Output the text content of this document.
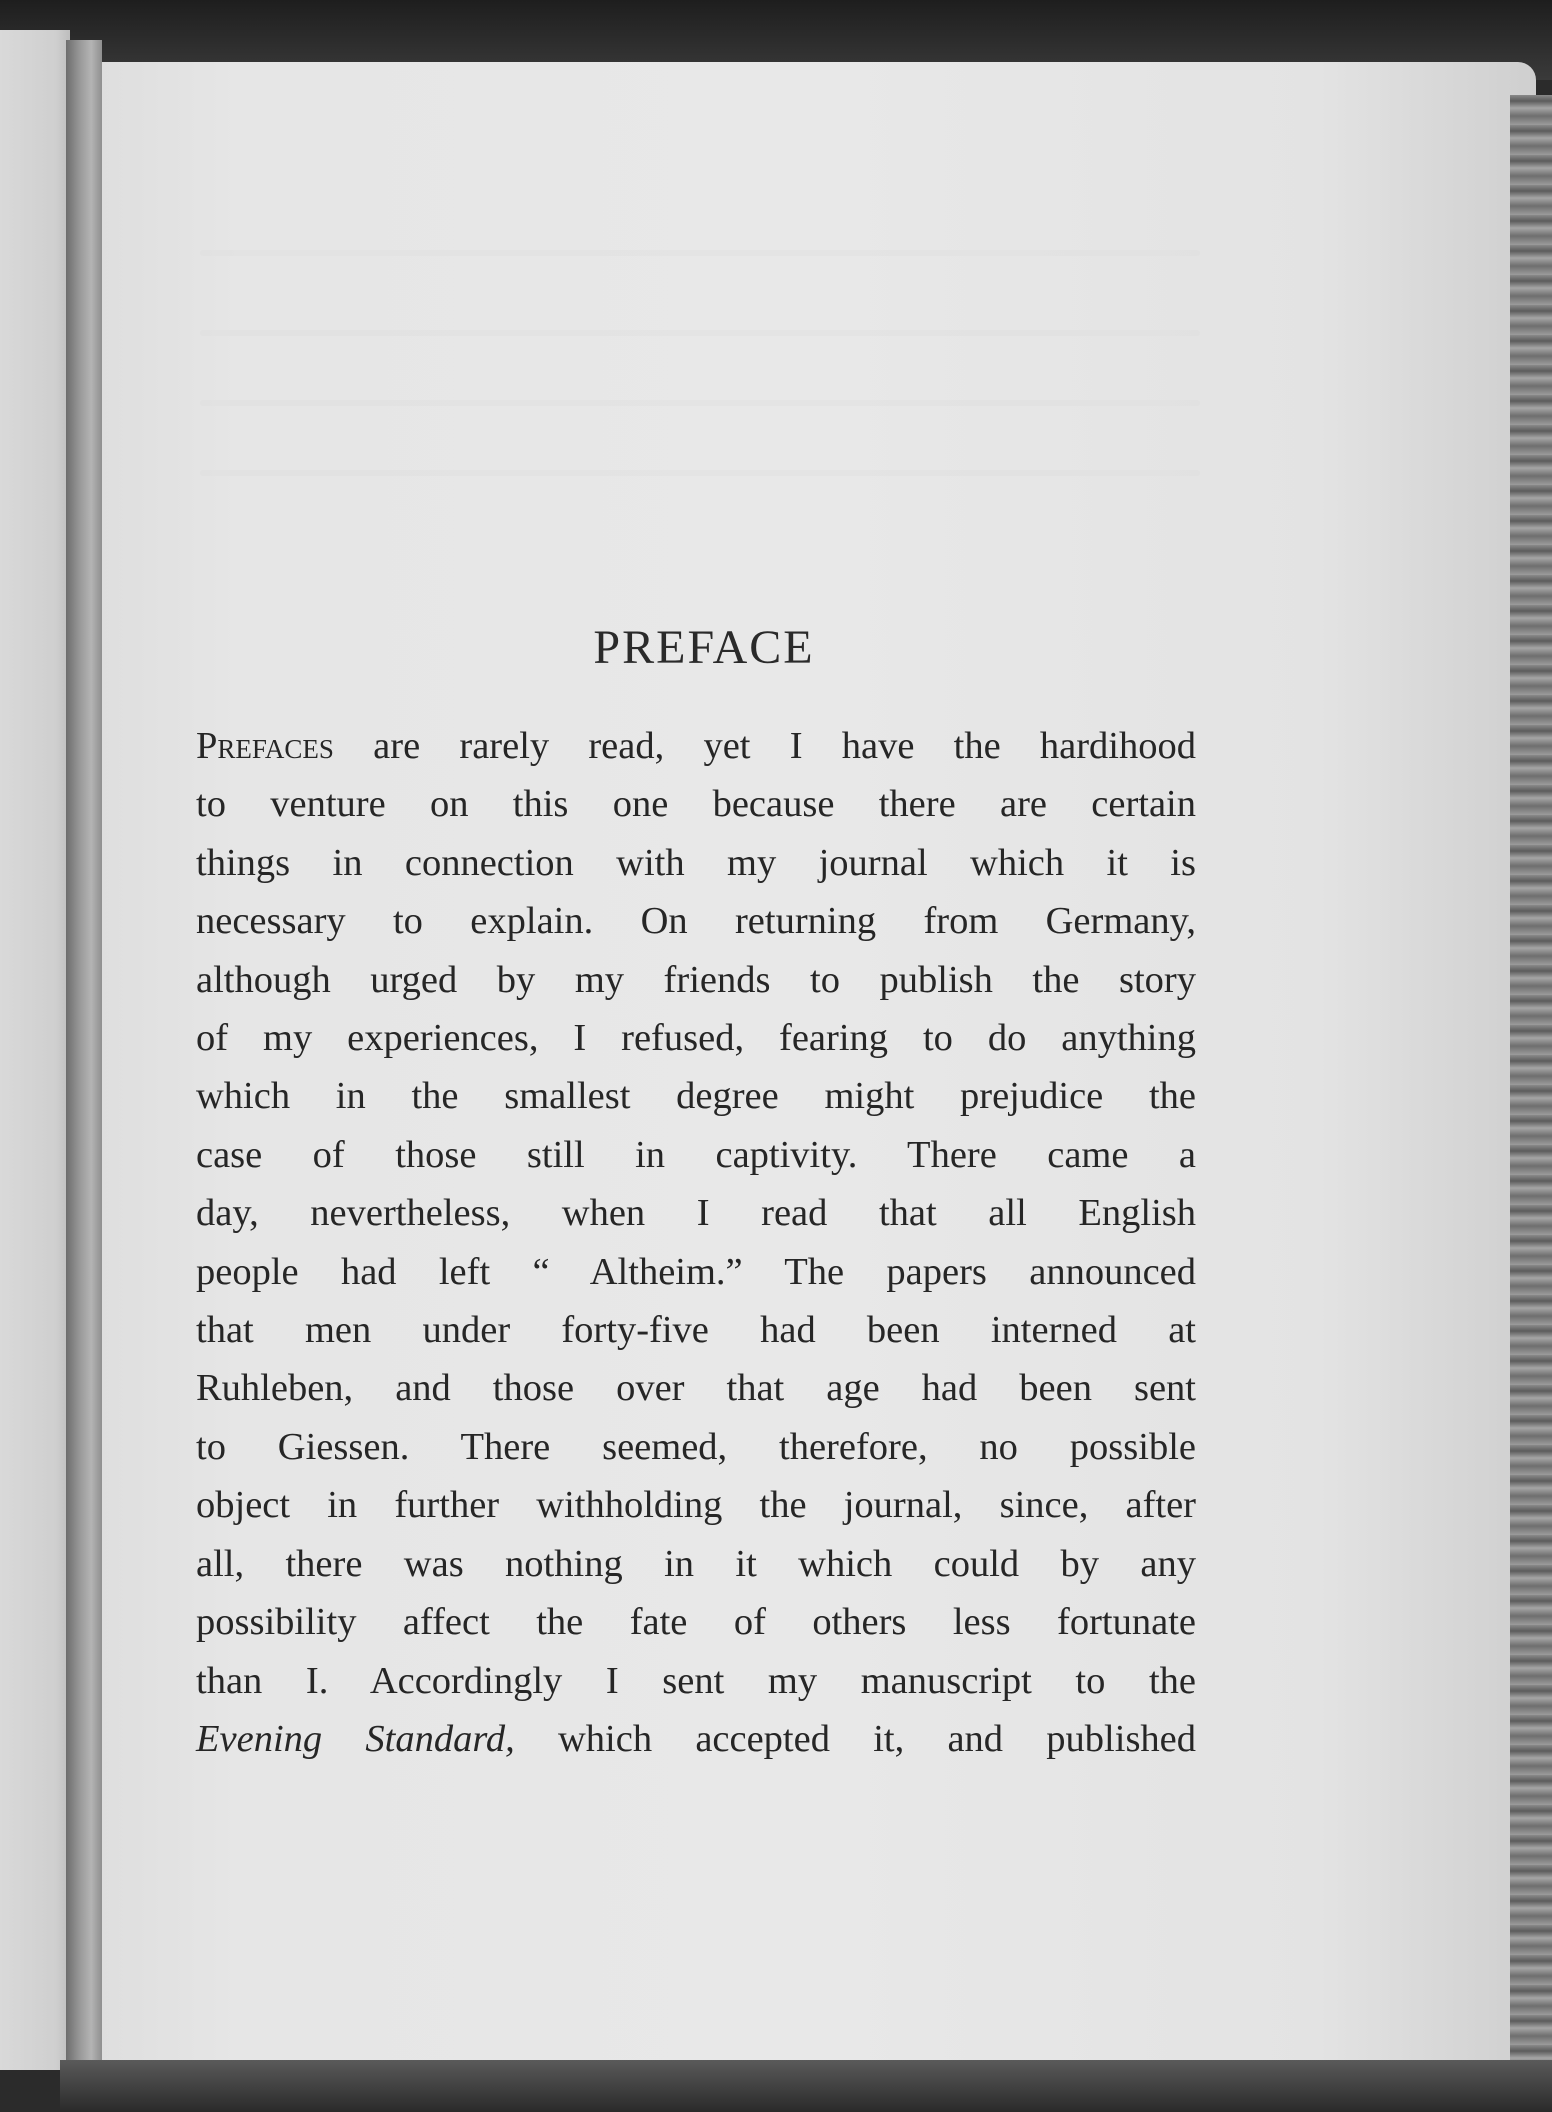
PREFACE
Prefaces are rarely read, yet I have the hardihood
to venture on this one because there are certain
things in connection with my journal which it is
necessary to explain. On returning from Germany,
although urged by my friends to publish the story
of my experiences, I refused, fearing to do anything
which in the smallest degree might prejudice the
case of those still in captivity. There came a
day, nevertheless, when I read that all English
people had left “ Altheim.” The papers announced
that men under forty-five had been interned at
Ruhleben, and those over that age had been sent
to Giessen. There seemed, therefore, no possible
object in further withholding the journal, since, after
all, there was nothing in it which could by any
possibility affect the fate of others less fortunate
than I. Accordingly I sent my manuscript to the
Evening Standard, which accepted it, and published
